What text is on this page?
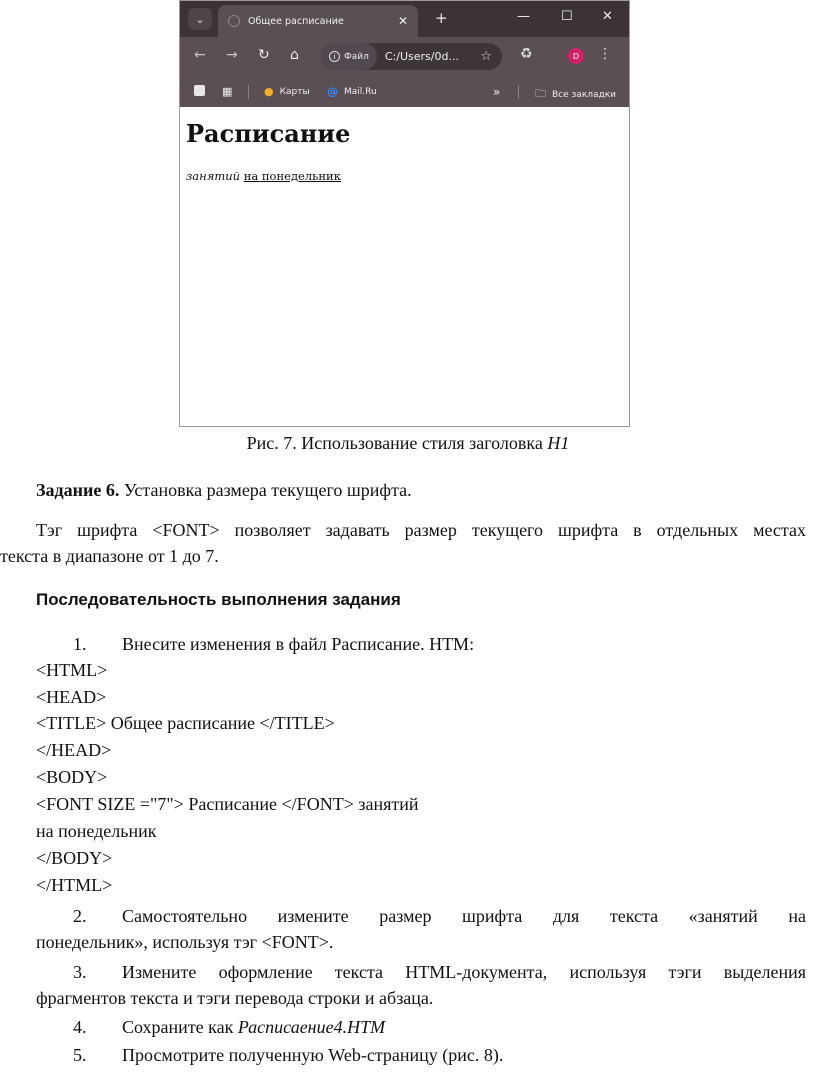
⌄	Общее расписание	✕ +	— ☐ ✕
← → ↻ ⌂	i Файл C:/Users/0d... ☆ ♻	D	⋮
▦	● Карты @ Mail.Ru	»	🗀 Все закладки
Расписание
занятий на понедельник
Рис. 7. Использование стиля заголовка H1
Задание 6. Установка размера текущего шрифта.
Тэг шрифта <FONT> позволяет задавать размер текущего шрифта в отдельных местах
текста в диапазоне от 1 до 7.
Последовательность выполнения задания
1. Внесите изменения в файл Расписание. HTM:
<HTML>
<HEAD>
<TITLE> Общее расписание </TITLE>
</HEAD>
<BODY>
<FONT SIZE ="7"> Расписание </FONT> занятий
на понедельник
</BODY>
</HTML>
2. Самостоятельно измените размер шрифта для текста «занятий на
понедельник», используя тэг <FONT>.
3. Измените оформление текста HTML-документа, используя тэги выделения
фрагментов текста и тэги перевода строки и абзаца.
4. Сохраните как Расписаение4.HTM
5. Просмотрите полученную Web-страницу (рис. 8).
